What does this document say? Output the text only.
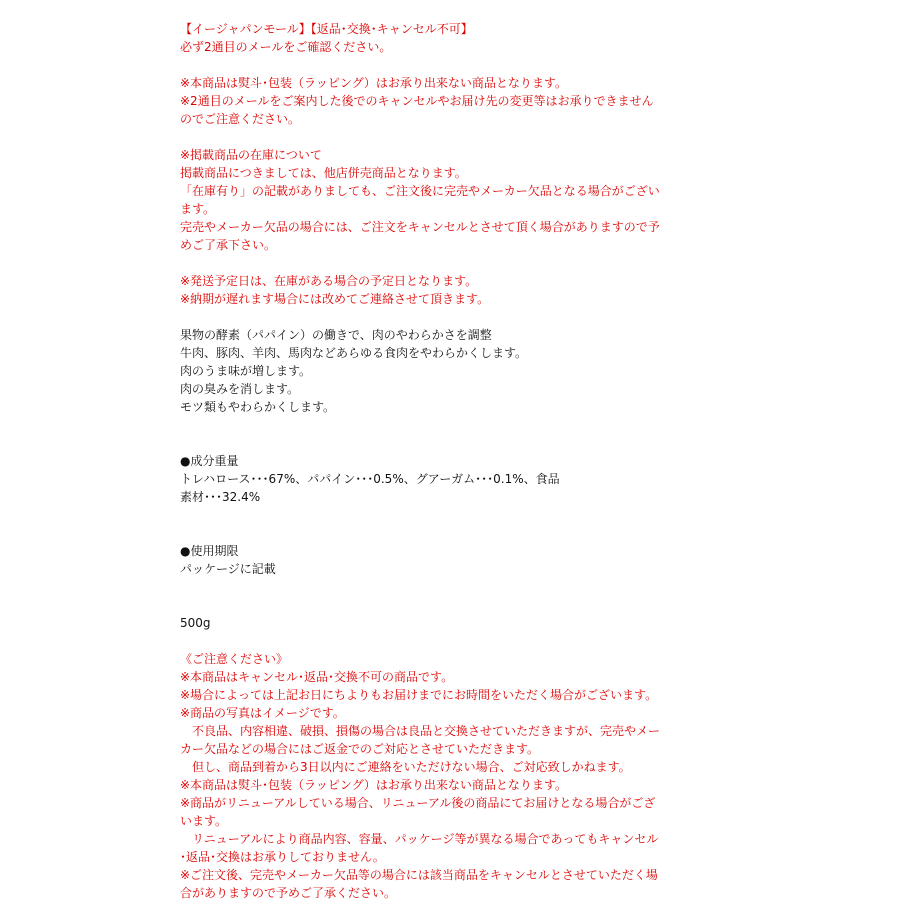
【イージャパンモール】【返品･交換･キャンセル不可】
必ず2通目のメールをご確認ください。
※本商品は熨斗･包装（ラッピング）はお承り出来ない商品となります。
※2通目のメールをご案内した後でのキャンセルやお届け先の変更等はお承りできません
のでご注意ください。
※掲載商品の在庫について
掲載商品につきましては、他店併売商品となります。
「在庫有り」の記載がありましても、ご注文後に完売やメーカー欠品となる場合がござい
ます。
完売やメーカー欠品の場合には、ご注文をキャンセルとさせて頂く場合がありますので予
めご了承下さい。
※発送予定日は、在庫がある場合の予定日となります。
※納期が遅れます場合には改めてご連絡させて頂きます。
果物の酵素（パパイン）の働きで、肉のやわらかさを調整
牛肉、豚肉、羊肉、馬肉などあらゆる食肉をやわらかくします。
肉のうま味が増します。
肉の臭みを消します。
モツ類もやわらかくします。
●成分重量
トレハロース･･･67%、パパイン･･･0.5%、グアーガム･･･0.1%、食品
素材･･･32.4%
●使用期限
パッケージに記載
500g
《ご注意ください》
※本商品はキャンセル･返品･交換不可の商品です。
※場合によっては上記お日にちよりもお届けまでにお時間をいただく場合がございます。
※商品の写真はイメージです。
　不良品、内容相違、破損、損傷の場合は良品と交換させていただきますが、完売やメー
カー欠品などの場合にはご返金でのご対応とさせていただきます。
　但し、商品到着から3日以内にご連絡をいただけない場合、ご対応致しかねます。
※本商品は熨斗･包装（ラッピング）はお承り出来ない商品となります。
※商品がリニューアルしている場合、リニューアル後の商品にてお届けとなる場合がござ
います。
　リニューアルにより商品内容、容量、パッケージ等が異なる場合であってもキャンセル
･返品･交換はお承りしておりません。
※ご注文後、完売やメーカー欠品等の場合には該当商品をキャンセルとさせていただく場
合がありますので予めご了承ください。
